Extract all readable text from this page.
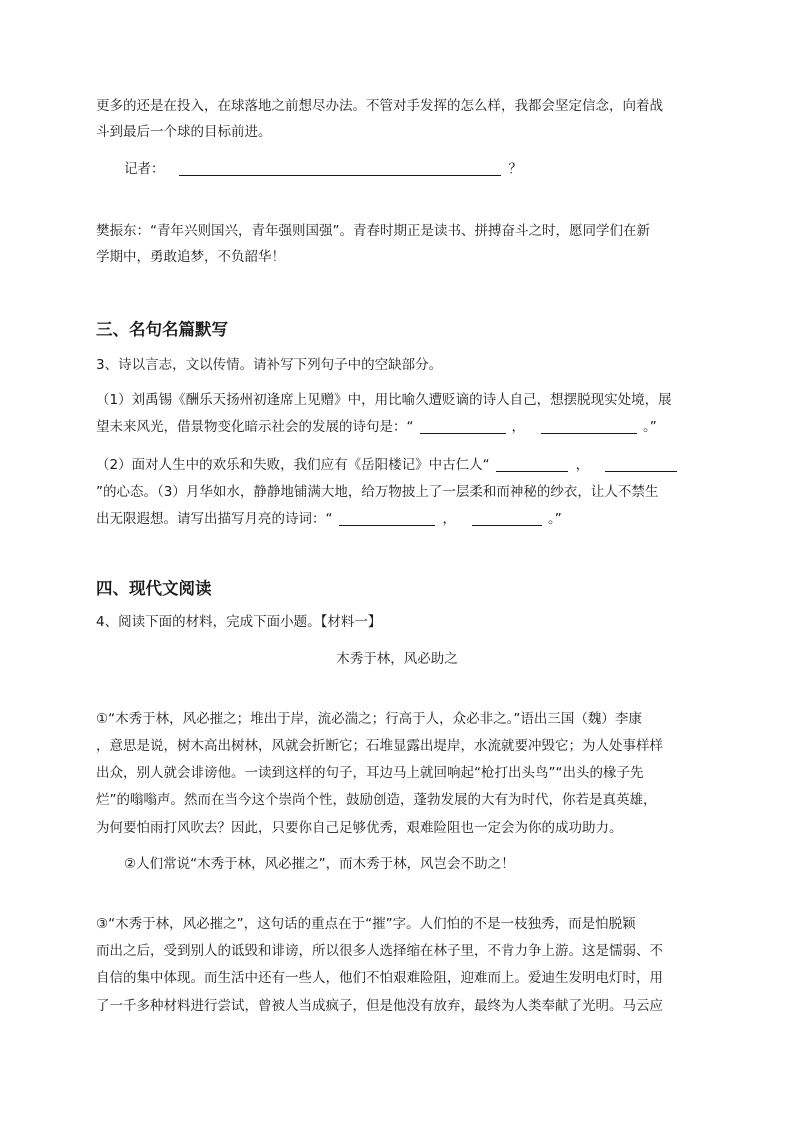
更多的还是在投入，在球落地之前想尽办法。不管对手发挥的怎么样，我都会坚定信念，向着战

斗到最后一个球的目标前进。

记者：	？

樊振东：“青年兴则国兴，青年强则国强”。青春时期正是读书、拼搏奋斗之时，愿同学们在新

学期中，勇敢追梦，不负韶华！

三、名句名篇默写

3、诗以言志，文以传情。请补写下列句子中的空缺部分。

（1）刘禹锡《酬乐天扬州初逢席上见赠》中，用比喻久遭贬谪的诗人自己，想摆脱现实处境，展

望未来风光，借景物变化暗示社会的发展的诗句是：“	，	。”

（2）面对人生中的欢乐和失败，我们应有《岳阳楼记》中古仁人“	，

”的心态。（3）月华如水，静静地铺满大地，给万物披上了一层柔和而神秘的纱衣，让人不禁生

出无限遐想。请写出描写月亮的诗词：“	，	。”

四、现代文阅读

4、阅读下面的材料，完成下面小题。【材料一】

木秀于林，风必助之

①“木秀于林，风必摧之；堆出于岸，流必湍之；行高于人，众必非之。”语出三国（魏）李康

，意思是说，树木高出树林，风就会折断它；石堆显露出堤岸，水流就要冲毁它；为人处事样样

出众，别人就会诽谤他。一读到这样的句子，耳边马上就回响起“枪打出头鸟”“出头的椽子先

烂”的嗡嗡声。然而在当今这个崇尚个性，鼓励创造，蓬勃发展的大有为时代，你若是真英雄，

为何要怕雨打风吹去？因此，只要你自己足够优秀，艰难险阻也一定会为你的成功助力。

②人们常说“木秀于林，风必摧之”，而木秀于林，风岂会不助之！

③“木秀于林，风必摧之”，这句话的重点在于“摧”字。人们怕的不是一枝独秀，而是怕脱颖

而出之后，受到别人的诋毁和诽谤，所以很多人选择缩在林子里，不肯力争上游。这是懦弱、不

自信的集中体现。而生活中还有一些人，他们不怕艰难险阻，迎难而上。爱迪生发明电灯时，用

了一千多种材料进行尝试，曾被人当成疯子，但是他没有放弃，最终为人类奉献了光明。马云应
